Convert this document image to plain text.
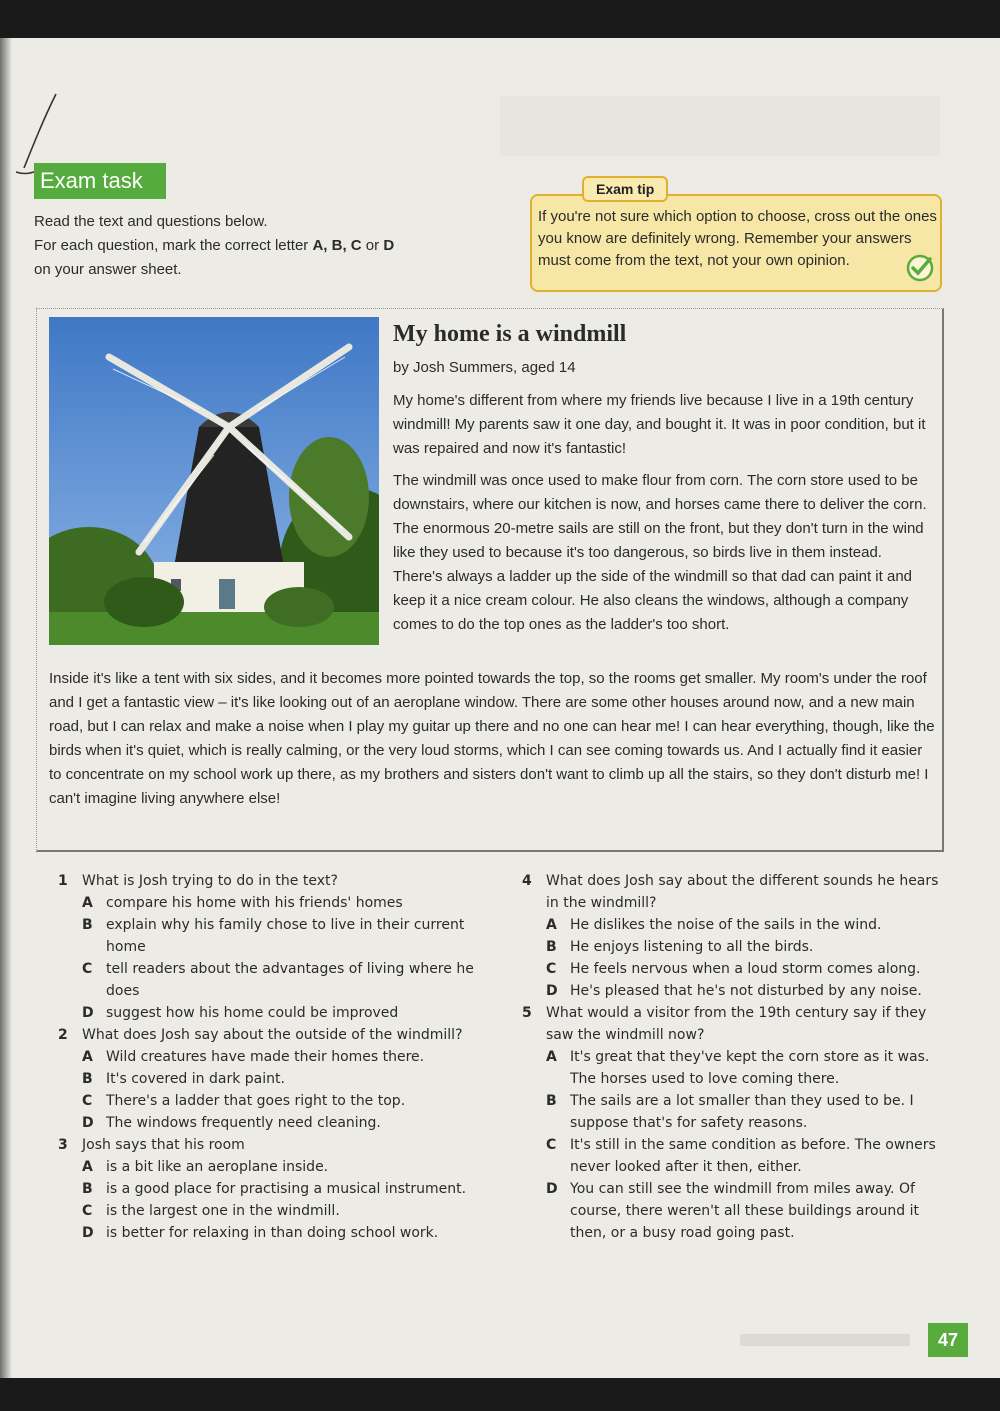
Exam task
Read the text and questions below.
For each question, mark the correct letter A, B, C or D
on your answer sheet.
Exam tip
If you're not sure which option to choose, cross out the ones you know are definitely wrong. Remember your answers must come from the text, not your own opinion.
My home is a windmill
by Josh Summers, aged 14

My home's different from where my friends live because I live in a 19th century windmill! My parents saw it one day, and bought it. It was in poor condition, but it was repaired and now it's fantastic!

The windmill was once used to make flour from corn. The corn store used to be downstairs, where our kitchen is now, and horses came there to deliver the corn. The enormous 20-metre sails are still on the front, but they don't turn in the wind like they used to because it's too dangerous, so birds live in them instead. There's always a ladder up the side of the windmill so that dad can paint it and keep it a nice cream colour. He also cleans the windows, although a company comes to do the top ones as the ladder's too short.

Inside it's like a tent with six sides, and it becomes more pointed towards the top, so the rooms get smaller. My room's under the roof and I get a fantastic view – it's like looking out of an aeroplane window. There are some other houses around now, and a new main road, but I can relax and make a noise when I play my guitar up there and no one can hear me! I can hear everything, though, like the birds when it's quiet, which is really calming, or the very loud storms, which I can see coming towards us. And I actually find it easier to concentrate on my school work up there, as my brothers and sisters don't want to climb up all the stairs, so they don't disturb me! I can't imagine living anywhere else!

1	What is Josh trying to do in the text?
A compare his home with his friends' homes
B explain why his family chose to live in their current home
C tell readers about the advantages of living where he does
D suggest how his home could be improved
2	What does Josh say about the outside of the windmill?
A Wild creatures have made their homes there.
B It's covered in dark paint.
C There's a ladder that goes right to the top.
D The windows frequently need cleaning.
3	Josh says that his room
A is a bit like an aeroplane inside.
B is a good place for practising a musical instrument.
C is the largest one in the windmill.
D is better for relaxing in than doing school work.
4	What does Josh say about the different sounds he hears in the windmill?
A He dislikes the noise of the sails in the wind.
B He enjoys listening to all the birds.
C He feels nervous when a loud storm comes along.
D He's pleased that he's not disturbed by any noise.
5	What would a visitor from the 19th century say if they saw the windmill now?
A It's great that they've kept the corn store as it was. The horses used to love coming there.
B The sails are a lot smaller than they used to be. I suppose that's for safety reasons.
C It's still in the same condition as before. The owners never looked after it then, either.
D You can still see the windmill from miles away. Of course, there weren't all these buildings around it then, or a busy road going past.
47
